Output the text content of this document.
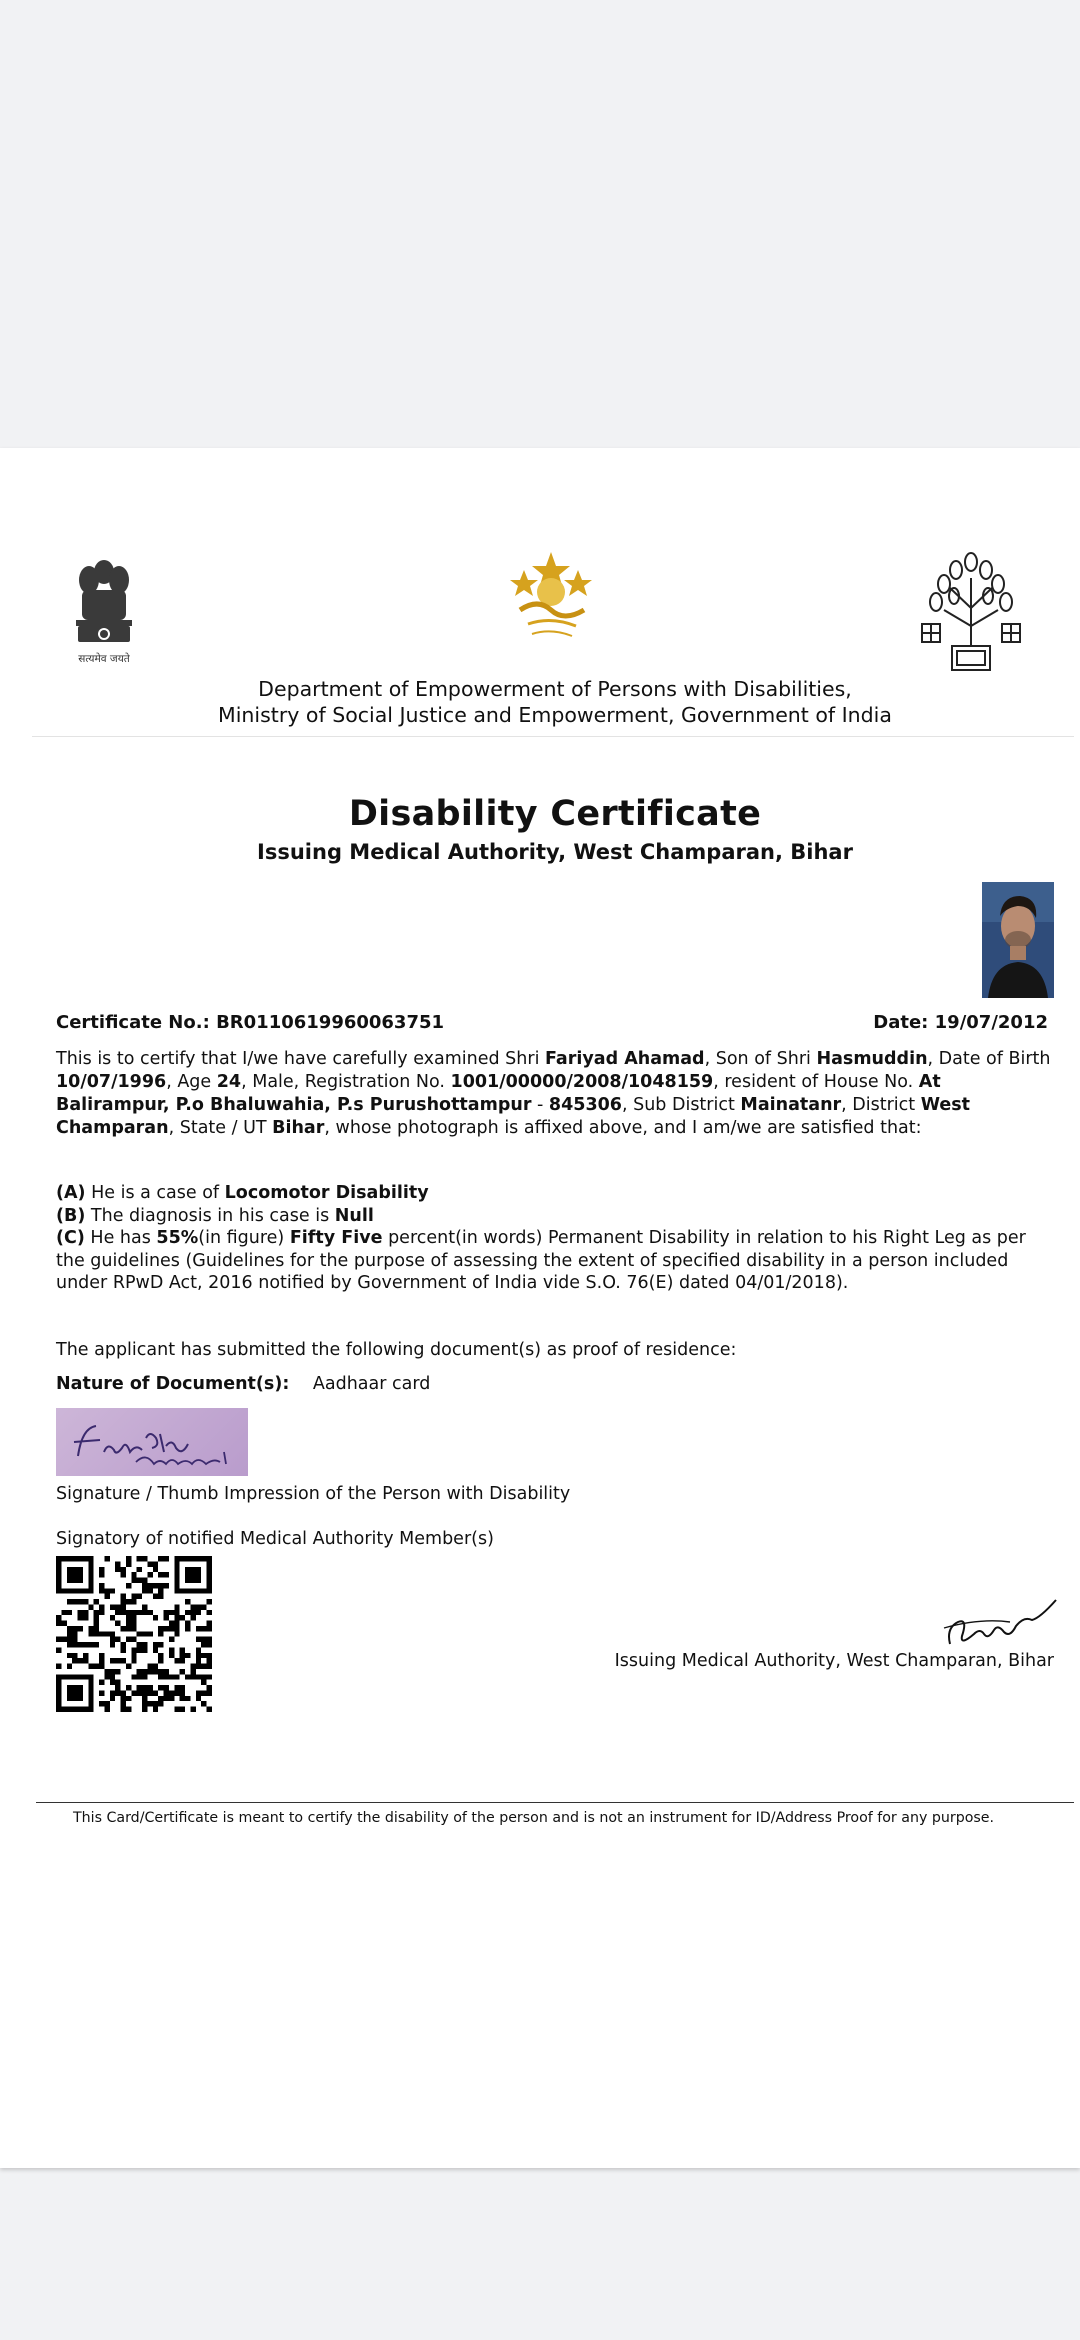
सत्यमेव जयते
Department of Empowerment of Persons with Disabilities,
Ministry of Social Justice and Empowerment, Government of India
Disability Certificate
Issuing Medical Authority, West Champaran, Bihar
Certificate No.: BR0110619960063751	Date: 19/07/2012
This is to certify that I/we have carefully examined Shri Fariyad Ahamad, Son of Shri Hasmuddin, Date of Birth 10/07/1996, Age 24, Male, Registration No. 1001/00000/2008/1048159, resident of House No. At Balirampur, P.o Bhaluwahia, P.s Purushottampur - 845306, Sub District Mainatanr, District West Champaran, State / UT Bihar, whose photograph is affixed above, and I am/we are satisfied that:
(A) He is a case of Locomotor Disability
(B) The diagnosis in his case is Null
(C) He has 55%(in figure) Fifty Five percent(in words) Permanent Disability in relation to his Right Leg as per the guidelines (Guidelines for the purpose of assessing the extent of specified disability in a person included under RPwD Act, 2016 notified by Government of India vide S.O. 76(E) dated 04/01/2018).
The applicant has submitted the following document(s) as proof of residence:
Nature of Document(s): Aadhaar card
Signature / Thumb Impression of the Person with Disability
Signatory of notified Medical Authority Member(s)
Issuing Medical Authority, West Champaran, Bihar
This Card/Certificate is meant to certify the disability of the person and is not an instrument for ID/Address Proof for any purpose.
